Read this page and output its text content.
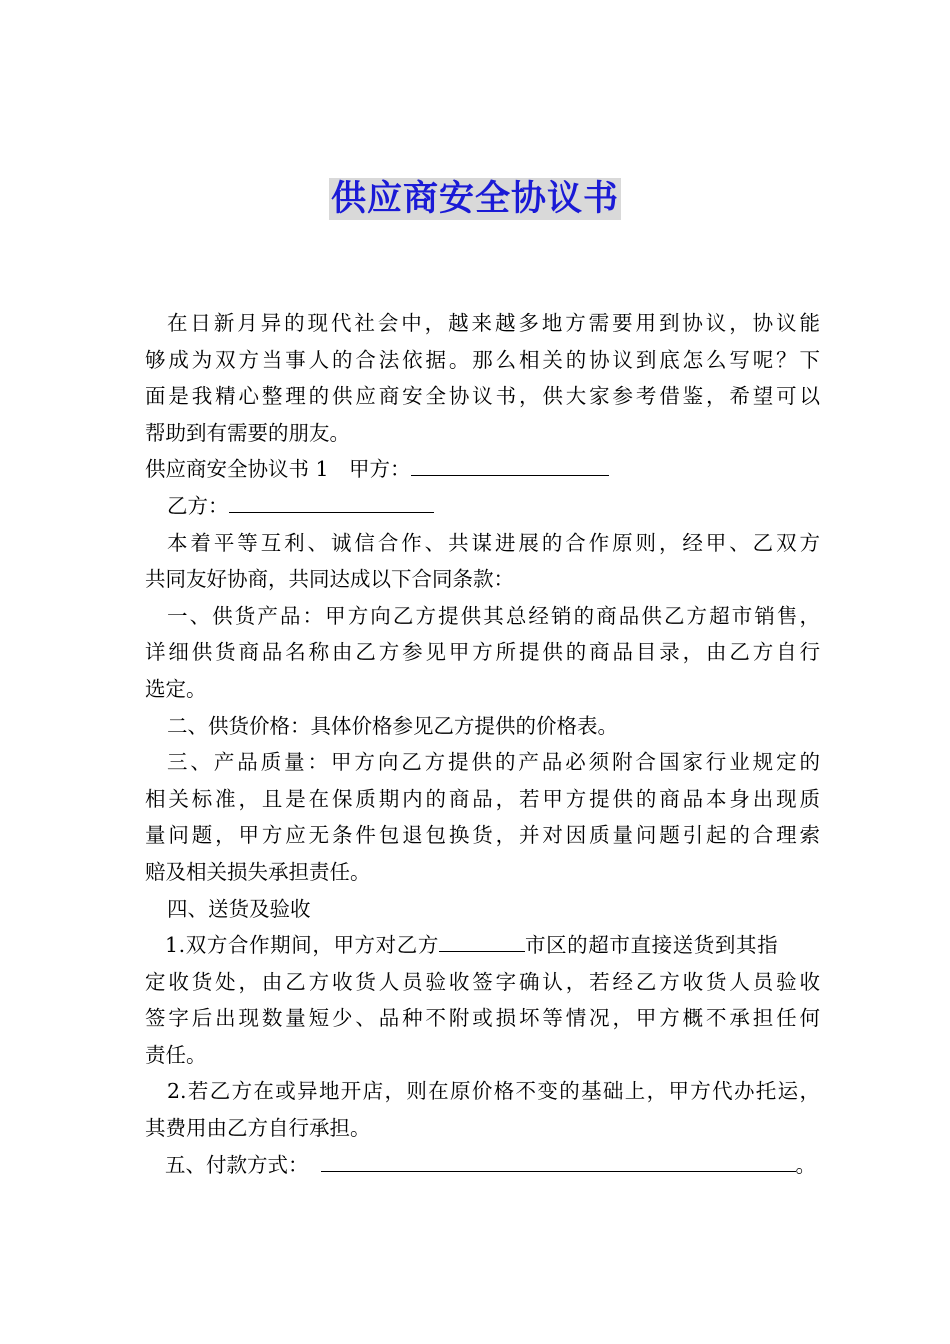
供应商安全协议书
在日新月异的现代社会中，越来越多地方需要用到协议，协议能
够成为双方当事人的合法依据。那么相关的协议到底怎么写呢？下
面是我精心整理的供应商安全协议书，供大家参考借鉴，希望可以
帮助到有需要的朋友。
供应商安全协议书 1　甲方：
乙方：
本着平等互利、诚信合作、共谋进展的合作原则，经甲、乙双方
共同友好协商，共同达成以下合同条款：
一、供货产品：甲方向乙方提供其总经销的商品供乙方超市销售，
详细供货商品名称由乙方参见甲方所提供的商品目录，由乙方自行
选定。
二、供货价格：具体价格参见乙方提供的价格表。
三、产品质量：甲方向乙方提供的产品必须附合国家行业规定的
相关标准，且是在保质期内的商品，若甲方提供的商品本身出现质
量问题，甲方应无条件包退包换货，并对因质量问题引起的合理索
赔及相关损失承担责任。
四、送货及验收
1.双方合作期间，甲方对乙方	市区的超市直接送货到其指
定收货处，由乙方收货人员验收签字确认，若经乙方收货人员验收
签字后出现数量短少、品种不附或损坏等情况，甲方概不承担任何
责任。
2.若乙方在或异地开店，则在原价格不变的基础上，甲方代办托运，
其费用由乙方自行承担。
五、付款方式：	。
